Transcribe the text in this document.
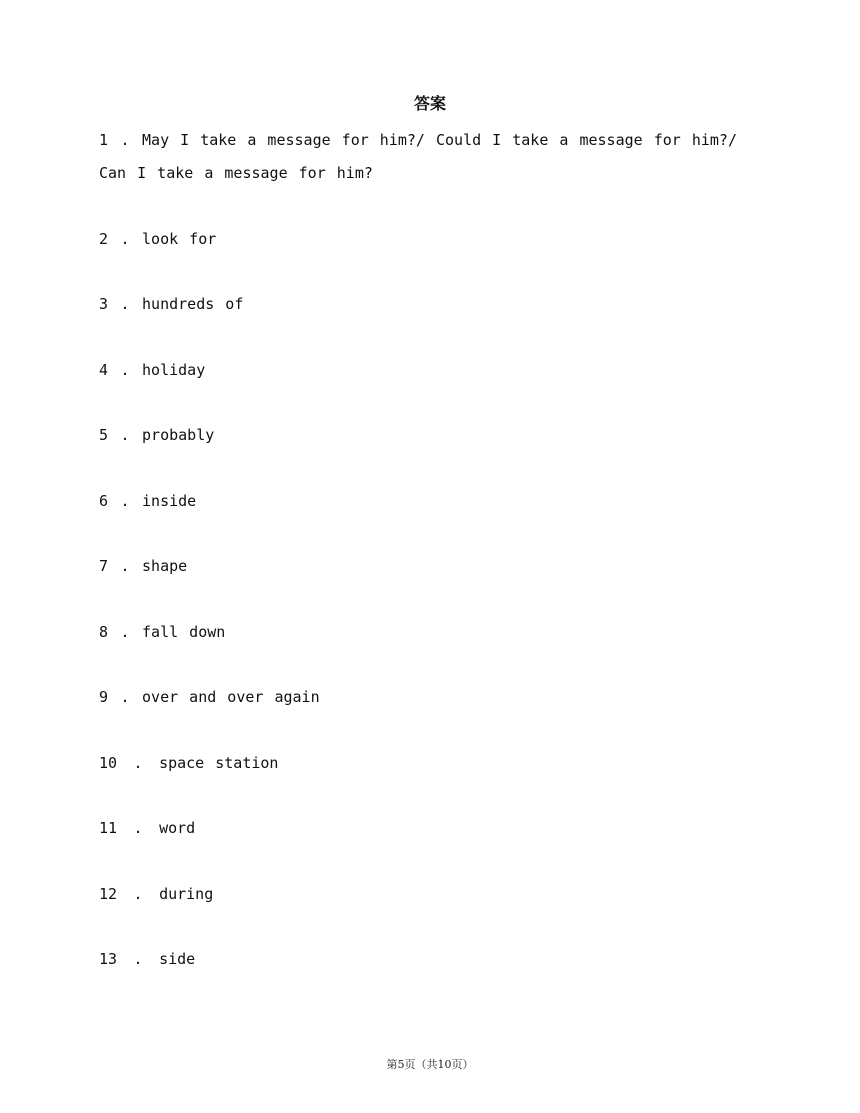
答案
1 . May I take a message for him?/ Could I take a message for him?/ Can I take a message for him?
2 . look for
3 . hundreds of
4 . holiday
5 . probably
6 . inside
7 . shape
8 . fall down
9 . over and over again
10 . space station
11 . word
12 . during
13 . side
第5页（共10页）
